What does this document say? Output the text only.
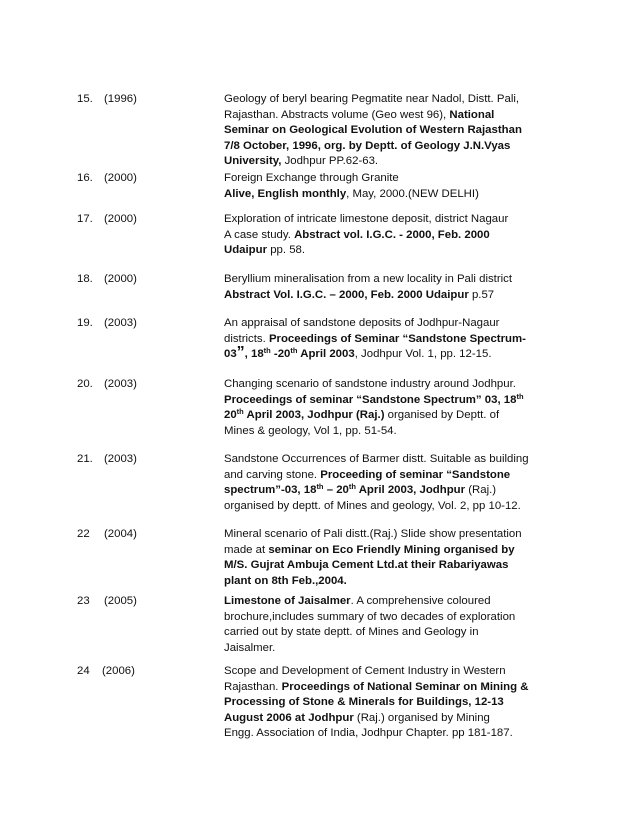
15. (1996)	Geology of beryl bearing Pegmatite near Nadol, Distt. Pali,

Rajasthan. Abstracts volume (Geo west 96), National

Seminar on Geological Evolution of Western Rajasthan

7/8 October, 1996, org. by Deptt. of Geology J.N.Vyas

University, Jodhpur PP.62-63.

16. (2000)	Foreign Exchange through Granite

Alive, English monthly, May, 2000.(NEW DELHI)

17. (2000)	Exploration of intricate limestone deposit, district Nagaur

A case study. Abstract vol. I.G.C. - 2000, Feb. 2000

Udaipur pp. 58.

18. (2000)	Beryllium mineralisation from a new locality in Pali district

Abstract Vol. I.G.C. – 2000, Feb. 2000 Udaipur p.57

19. (2003)	An appraisal of sandstone deposits of Jodhpur-Nagaur

districts. Proceedings of Seminar “Sandstone Spectrum-

03”, 18th -20th April 2003, Jodhpur Vol. 1, pp. 12-15.

20. (2003)	Changing scenario of sandstone industry around Jodhpur.

Proceedings of seminar “Sandstone Spectrum” 03, 18th

20th April 2003, Jodhpur (Raj.) organised by Deptt. of

Mines & geology, Vol 1, pp. 51-54.

21. (2003)	Sandstone Occurrences of Barmer distt. Suitable as building

and carving stone. Proceeding of seminar “Sandstone

spectrum”-03, 18th – 20th April 2003, Jodhpur (Raj.)

organised by deptt. of Mines and geology, Vol. 2, pp 10-12.

22 (2004)	Mineral scenario of Pali distt.(Raj.) Slide show presentation

made at seminar on Eco Friendly Mining organised by

M/S. Gujrat Ambuja Cement Ltd.at their Rabariyawas

plant on 8th Feb.,2004.

23 (2005)	Limestone of Jaisalmer. A comprehensive coloured

brochure,includes summary of two decades of exploration

carried out by state deptt. of Mines and Geology in

Jaisalmer.

24 (2006)	Scope and Development of Cement Industry in Western

Rajasthan. Proceedings of National Seminar on Mining &

Processing of Stone & Minerals for Buildings, 12-13

August 2006 at Jodhpur (Raj.) organised by Mining

Engg. Association of India, Jodhpur Chapter. pp 181-187.
